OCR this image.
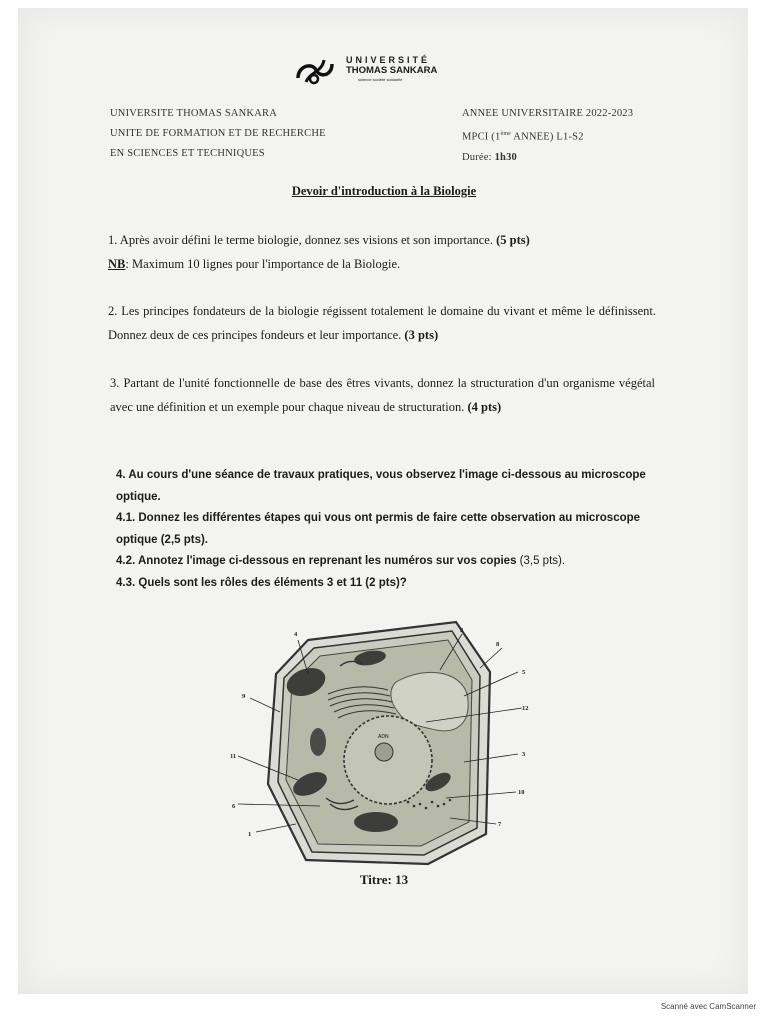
UNIVERSITÉ
THOMAS SANKARA
science société solidarité
UNIVERSITE THOMAS SANKARA
UNITE DE FORMATION ET DE RECHERCHE
EN SCIENCES ET TECHNIQUES
ANNEE UNIVERSITAIRE 2022-2023
MPCI (1ème ANNEE) L1-S2
Durée: 1h30
Devoir d'introduction à la Biologie
1. Après avoir défini le terme biologie, donnez ses visions et son importance. (5 pts)
NB: Maximum 10 lignes pour l'importance de la Biologie.
2. Les principes fondateurs de la biologie régissent totalement le domaine du vivant et même le définissent. Donnez deux de ces principes fondeurs et leur importance. (3 pts)
3. Partant de l'unité fonctionnelle de base des êtres vivants, donnez la structuration d'un organisme végétal avec une définition et un exemple pour chaque niveau de structuration. (4 pts)
4. Au cours d'une séance de travaux pratiques, vous observez l'image ci-dessous au microscope optique.
4.1. Donnez les différentes étapes qui vous ont permis de faire cette observation au microscope optique (2,5 pts).
4.2. Annotez l'image ci-dessous en reprenant les numéros sur vos copies (3,5 pts).
4.3. Quels sont les rôles des éléments 3 et 11 (2 pts)?
ADN
4
2
8
5
9
12
11	3
6
10
1
7
Titre: 13
Scanné avec CamScanner
